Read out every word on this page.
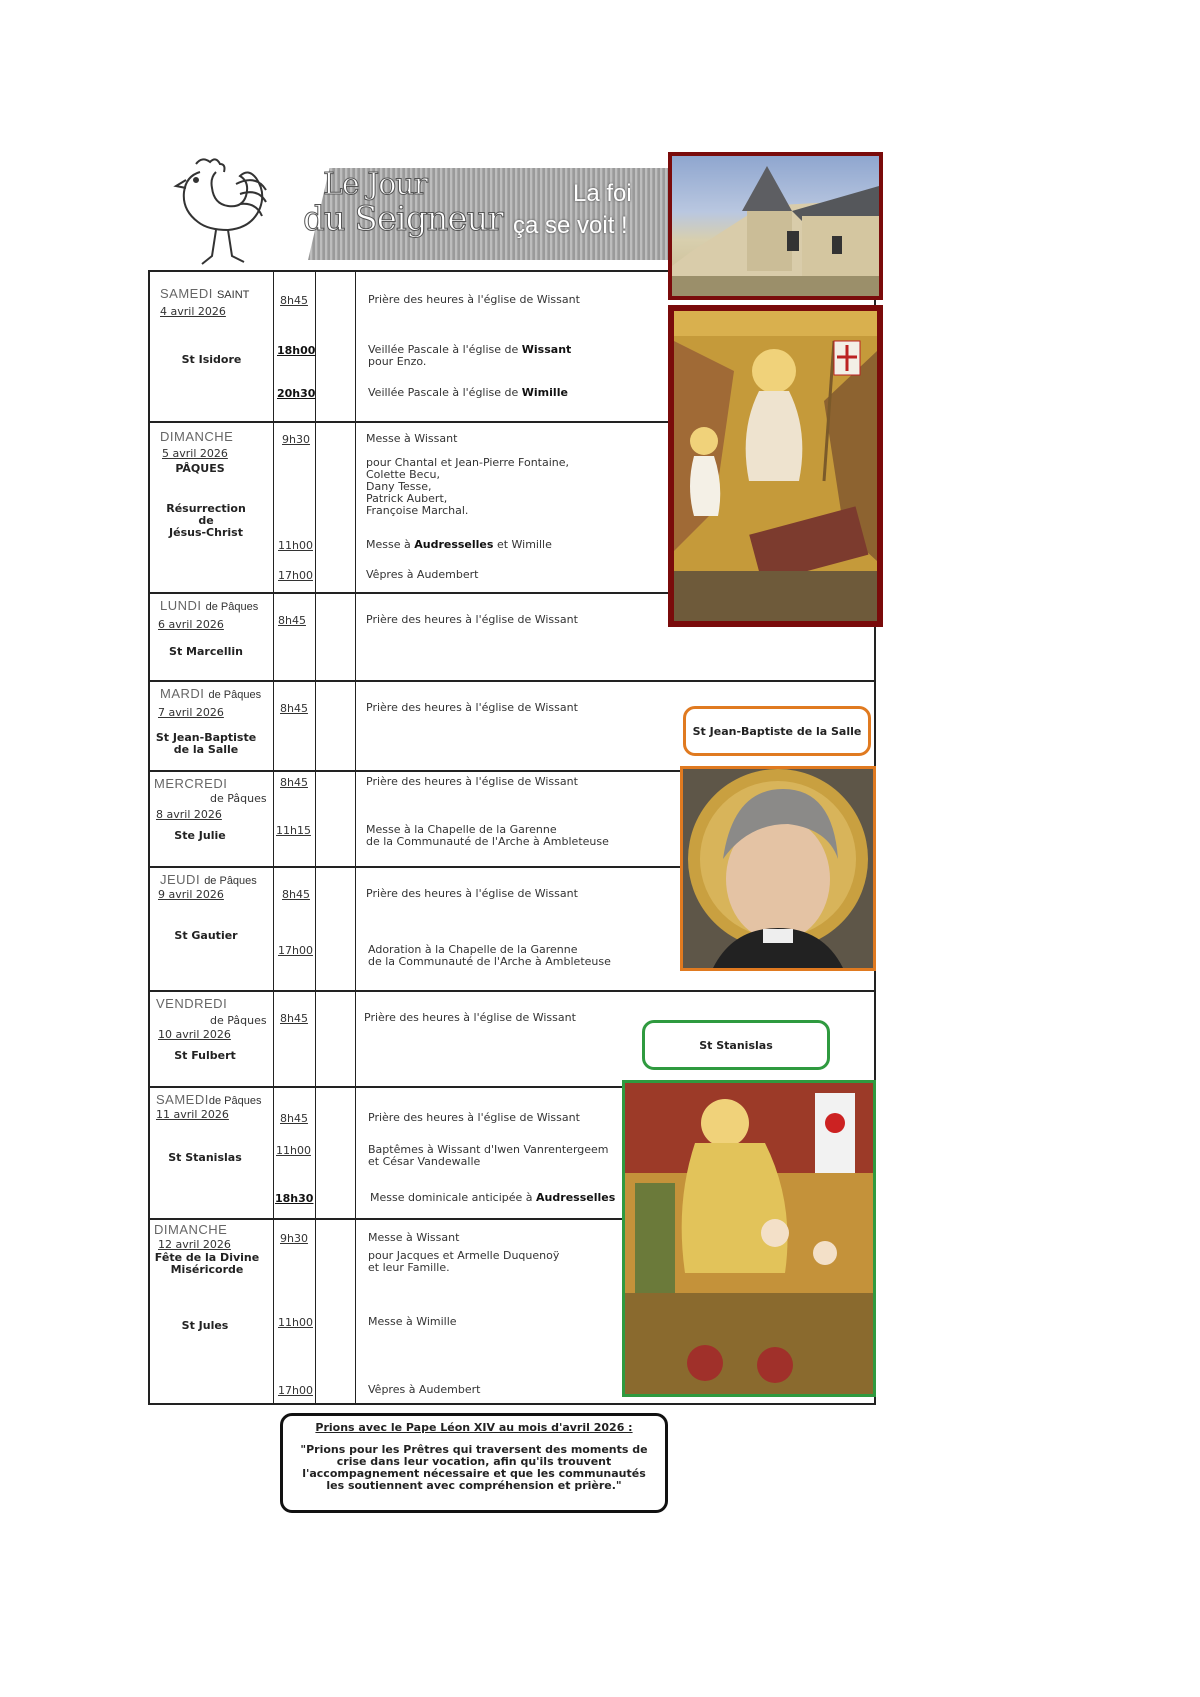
Le Jour
du Seigneur
La foi
ça se voit !
SAMEDI SAINT
4 avril 2026
St Isidore
8h45	Prière des heures à l'église de Wissant
18h00	Veillée Pascale à l'église de Wissant
pour Enzo.
20h30	Veillée Pascale à l'église de Wimille
DIMANCHE
5 avril 2026
PÂQUES
Résurrection
de
Jésus-Christ
9h30	Messe à Wissant
pour Chantal et Jean-Pierre Fontaine,
Colette Becu,
Dany Tesse,
Patrick Aubert,
Françoise Marchal.
11h00	Messe à Audresselles et Wimille
17h00	Vêpres à Audembert
LUNDI de Pâques
6 avril 2026
St Marcellin
8h45	Prière des heures à l'église de Wissant
MARDI de Pâques
7 avril 2026
St Jean-Baptiste
de la Salle
8h45	Prière des heures à l'église de Wissant
MERCREDI
de Pâques
8 avril 2026
Ste Julie
8h45	Prière des heures à l'église de Wissant
11h15	Messe à la Chapelle de la Garenne
de la Communauté de l'Arche à Ambleteuse
JEUDI de Pâques
9 avril 2026
St Gautier
8h45	Prière des heures à l'église de Wissant
17h00	Adoration à la Chapelle de la Garenne
de la Communauté de l'Arche à Ambleteuse
VENDREDI
de Pâques
10 avril 2026
St Fulbert
8h45	Prière des heures à l'église de Wissant
SAMEDIde Pâques
11 avril 2026
St Stanislas
8h45	Prière des heures à l'église de Wissant
11h00	Baptêmes à Wissant d'Iwen Vanrentergeem
et César Vandewalle
18h30	Messe dominicale anticipée à Audresselles
DIMANCHE
12 avril 2026
Fête de la Divine
Miséricorde
St Jules
9h30	Messe à Wissant
pour Jacques et Armelle Duquenoÿ
et leur Famille.
11h00	Messe à Wimille
17h00	Vêpres à Audembert
St Jean-Baptiste de la Salle
St Stanislas
Prions avec le Pape Léon XIV au mois d'avril 2026 :
"Prions pour les Prêtres qui traversent des moments de
crise dans leur vocation, afin qu'ils trouvent
l'accompagnement nécessaire et que les communautés
les soutiennent avec compréhension et prière."
